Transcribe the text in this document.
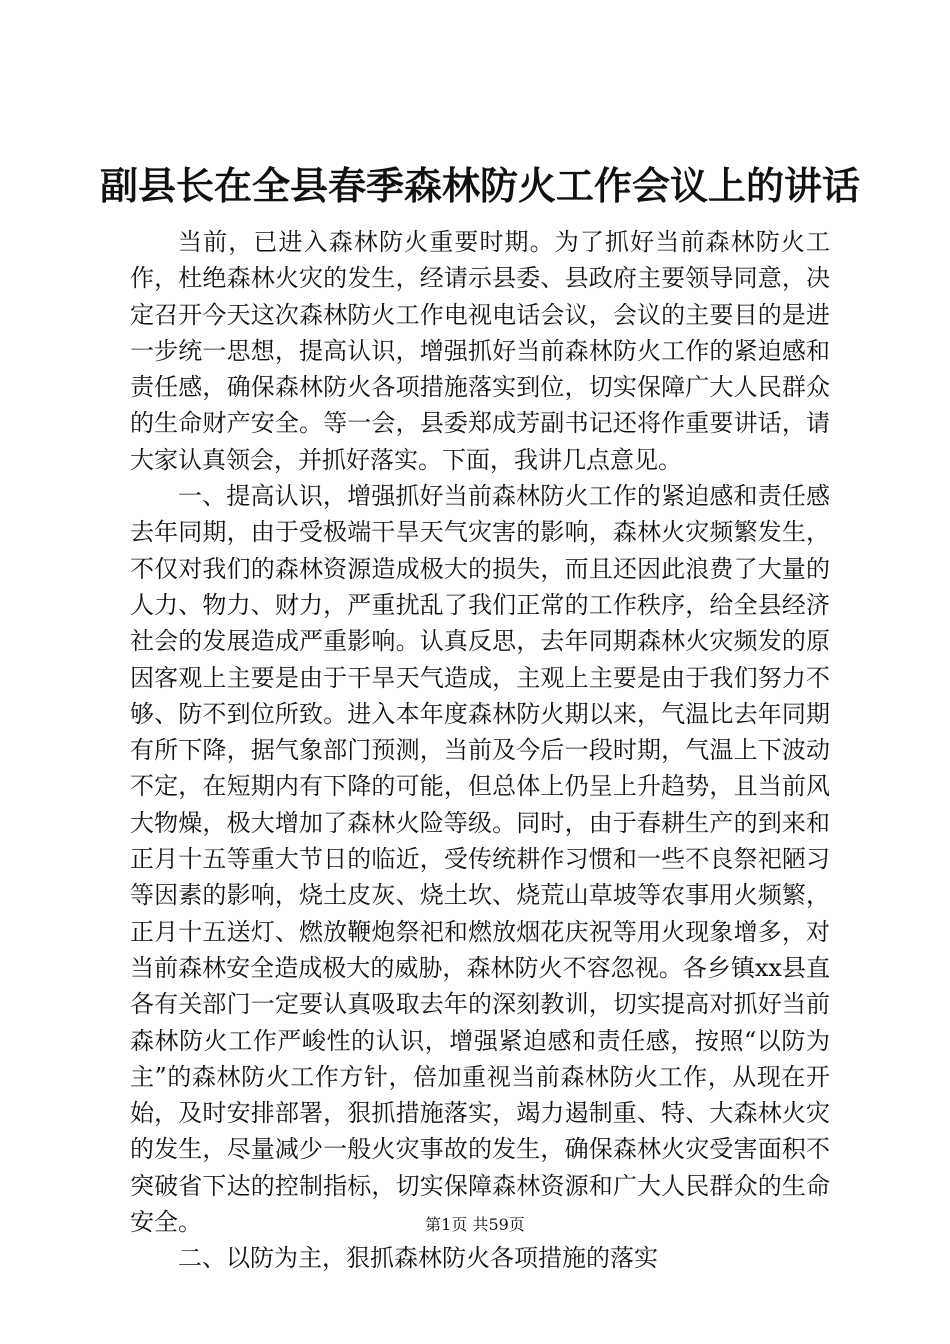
副县长在全县春季森林防火工作会议上的讲话

当前，已进入森林防火重要时期。为了抓好当前森林防火工作，杜绝森林火灾的发生，经请示县委、县政府主要领导同意，决定召开今天这次森林防火工作电视电话会议，会议的主要目的是进一步统一思想，提高认识，增强抓好当前森林防火工作的紧迫感和责任感，确保森林防火各项措施落实到位，切实保障广大人民群众的生命财产安全。等一会，县委郑成芳副书记还将作重要讲话，请大家认真领会，并抓好落实。下面，我讲几点意见。

一、提高认识，增强抓好当前森林防火工作的紧迫感和责任感去年同期，由于受极端干旱天气灾害的影响，森林火灾频繁发生，不仅对我们的森林资源造成极大的损失，而且还因此浪费了大量的人力、物力、财力，严重扰乱了我们正常的工作秩序，给全县经济社会的发展造成严重影响。认真反思，去年同期森林火灾频发的原因客观上主要是由于干旱天气造成，主观上主要是由于我们努力不够、防不到位所致。进入本年度森林防火期以来，气温比去年同期有所下降，据气象部门预测，当前及今后一段时期，气温上下波动不定，在短期内有下降的可能，但总体上仍呈上升趋势，且当前风大物燥，极大增加了森林火险等级。同时，由于春耕生产的到来和正月十五等重大节日的临近，受传统耕作习惯和一些不良祭祀陋习等因素的影响，烧土皮灰、烧土坎、烧荒山草坡等农事用火频繁，正月十五送灯、燃放鞭炮祭祀和燃放烟花庆祝等用火现象增多，对当前森林安全造成极大的威胁，森林防火不容忽视。各乡镇xx县直各有关部门一定要认真吸取去年的深刻教训，切实提高对抓好当前森林防火工作严峻性的认识，增强紧迫感和责任感，按照“以防为主”的森林防火工作方针，倍加重视当前森林防火工作，从现在开始，及时安排部署，狠抓措施落实，竭力遏制重、特、大森林火灾的发生，尽量减少一般火灾事故的发生，确保森林火灾受害面积不突破省下达的控制指标，切实保障森林资源和广大人民群众的生命安全。

二、以防为主，狠抓森林防火各项措施的落实

第1页 共59页
